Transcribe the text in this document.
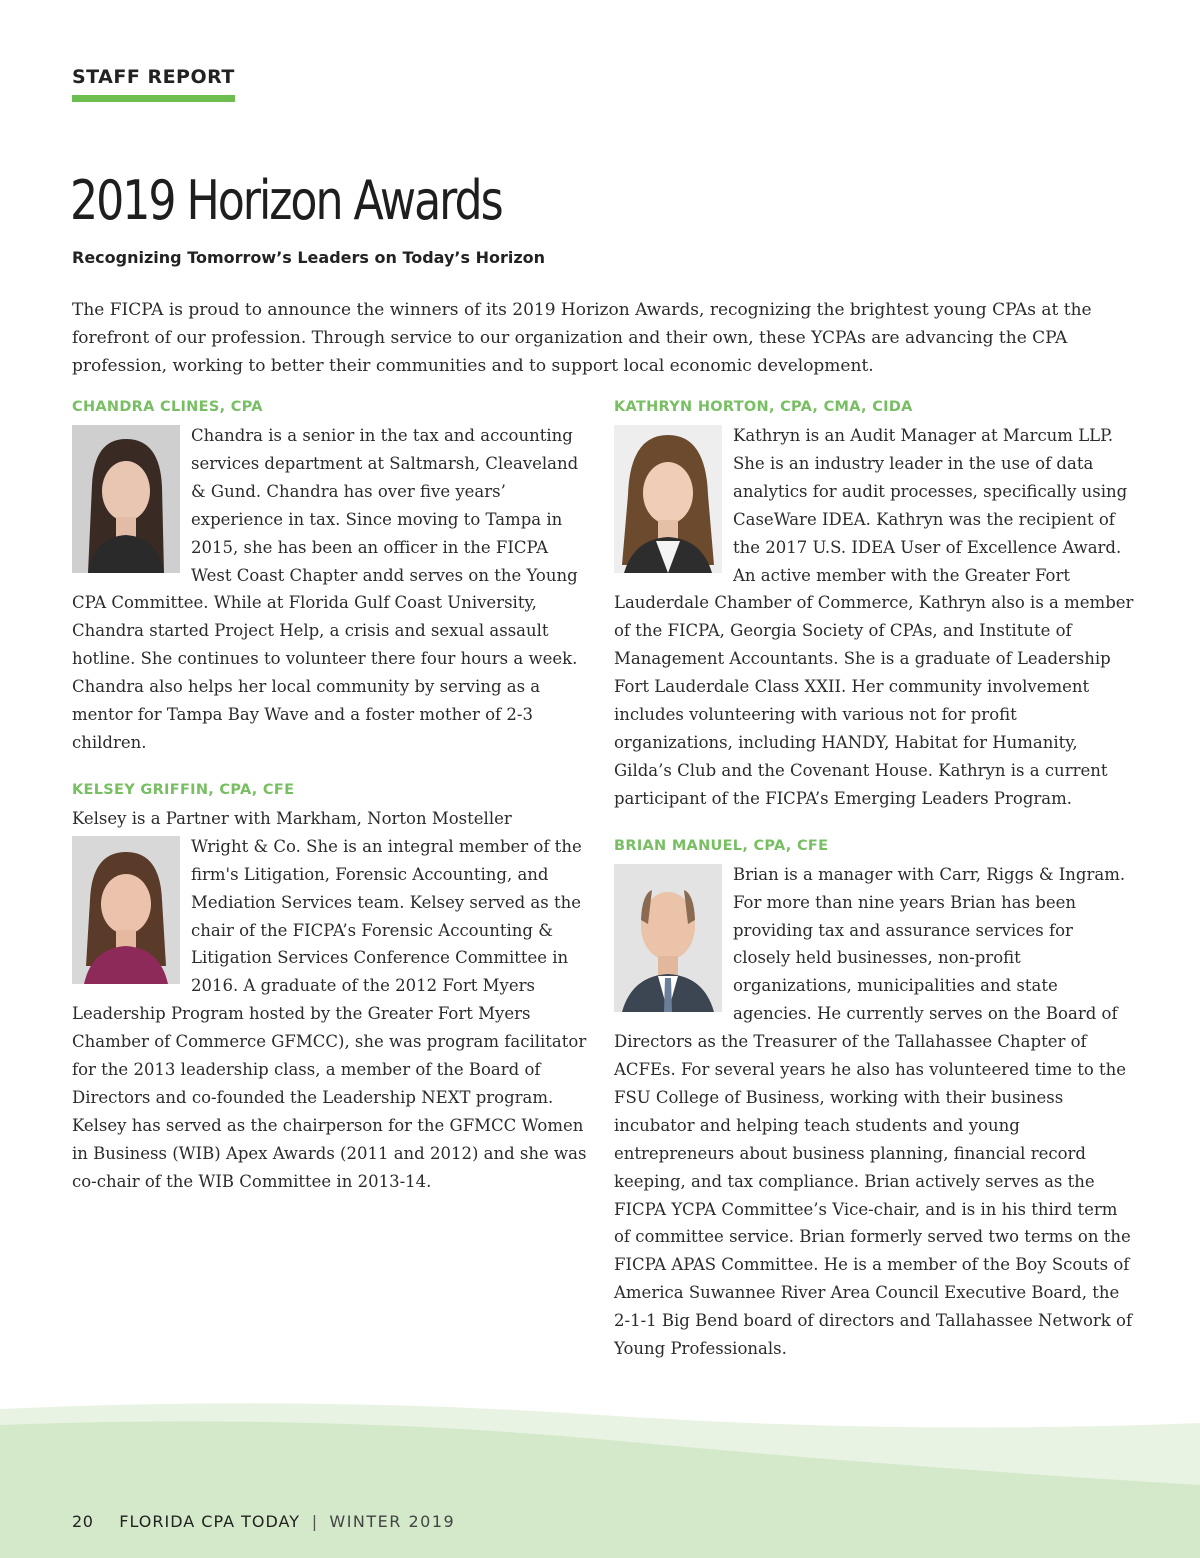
STAFF REPORT
2019 Horizon Awards
Recognizing Tomorrow’s Leaders on Today’s Horizon

The FICPA is proud to announce the winners of its 2019 Horizon Awards, recognizing the brightest young CPAs at the forefront of our profession. Through service to our organization and their own, these YCPAs are advancing the CPA profession, working to better their communities and to support local economic development.

CHANDRA CLINES, CPA

Chandra is a senior in the tax and accounting services department at Saltmarsh, Cleaveland & Gund. Chandra has over five years’ experience in tax. Since moving to Tampa in 2015, she has been an officer in the FICPA West Coast Chapter andd serves on the Young CPA Committee. While at Florida Gulf Coast University, Chandra started Project Help, a crisis and sexual assault hotline. She continues to volunteer there four hours a week. Chandra also helps her local community by serving as a mentor for Tampa Bay Wave and a foster mother of 2-3 children.

KELSEY GRIFFIN, CPA, CFE

Kelsey is a Partner with Markham, Norton Mosteller

Wright & Co. She is an integral member of the firm's Litigation, Forensic Accounting, and Mediation Services team. Kelsey served as the chair of the FICPA’s Forensic Accounting & Litigation Services Conference Committee in 2016. A graduate of the 2012 Fort Myers Leadership Program hosted by the Greater Fort Myers Chamber of Commerce GFMCC), she was program facilitator for the 2013 leadership class, a member of the Board of Directors and co-founded the Leadership NEXT program. Kelsey has served as the chairperson for the GFMCC Women in Business (WIB) Apex Awards (2011 and 2012) and she was co-chair of the WIB Committee in 2013-14.

KATHRYN HORTON, CPA, CMA, CIDA

Kathryn is an Audit Manager at Marcum LLP. She is an industry leader in the use of data analytics for audit processes, specifically using CaseWare IDEA. Kathryn was the recipient of the 2017 U.S. IDEA User of Excellence Award. An active member with the Greater Fort Lauderdale Chamber of Commerce, Kathryn also is a member of the FICPA, Georgia Society of CPAs, and Institute of Management Accountants. She is a graduate of Leadership Fort Lauderdale Class XXII. Her community involvement includes volunteering with various not for profit organizations, including HANDY, Habitat for Humanity, Gilda’s Club and the Covenant House. Kathryn is a current participant of the FICPA’s Emerging Leaders Program.

BRIAN MANUEL, CPA, CFE

Brian is a manager with Carr, Riggs & Ingram. For more than nine years Brian has been providing tax and assurance services for closely held businesses, non-profit organizations, municipalities and state agencies. He currently serves on the Board of Directors as the Treasurer of the Tallahassee Chapter of ACFEs. For several years he also has volunteered time to the FSU College of Business, working with their business incubator and helping teach students and young entrepreneurs about business planning, financial record keeping, and tax compliance. Brian actively serves as the FICPA YCPA Committee’s Vice-chair, and is in his third term of committee service. Brian formerly served two terms on the FICPA APAS Committee. He is a member of the Boy Scouts of America Suwannee River Area Council Executive Board, the 2-1-1 Big Bend board of directors and Tallahassee Network of Young Professionals.

20 FLORIDA CPA TODAY | WINTER 2019
